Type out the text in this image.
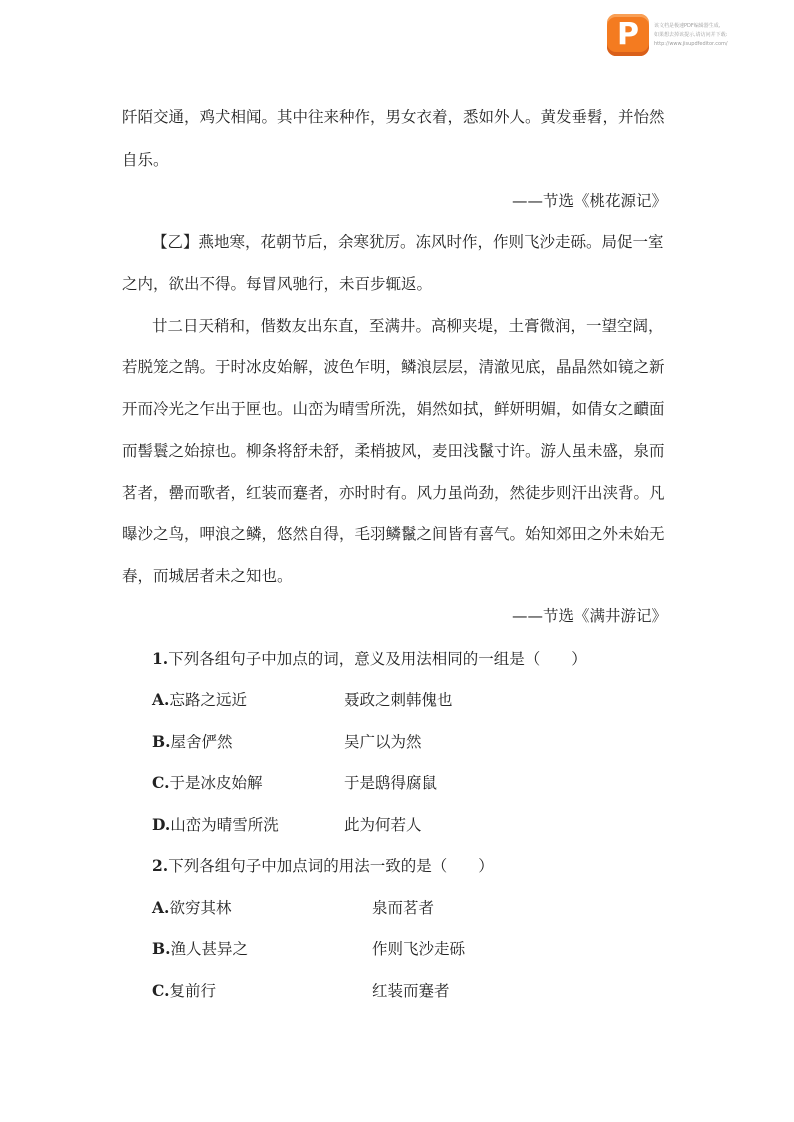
P	该文档是极速PDF编辑器生成,
如果想去掉该提示,请访问并下载:
http://www.jisupdfeditor.com/
阡陌交通，鸡犬相闻。其中往来种作，男女衣着，悉如外人。黄发垂髫，并怡然
自乐。
——节选《桃花源记》
【乙】燕地寒，花朝节后，余寒犹厉。冻风时作，作则飞沙走砾。局促一室
之内，欲出不得。每冒风驰行，未百步辄返。
廿二日天稍和，偕数友出东直，至满井。高柳夹堤，土膏微润，一望空阔，
若脱笼之鹄。于时冰皮始解，波色乍明，鳞浪层层，清澈见底，晶晶然如镜之新
开而冷光之乍出于匣也。山峦为晴雪所洗，娟然如拭，鲜妍明媚，如倩女之靧面
而髻鬟之始掠也。柳条将舒未舒，柔梢披风，麦田浅鬣寸许。游人虽未盛，泉而
茗者，罍而歌者，红装而蹇者，亦时时有。风力虽尚劲，然徒步则汗出浃背。凡
曝沙之鸟，呷浪之鳞，悠然自得，毛羽鳞鬣之间皆有喜气。始知郊田之外未始无
春，而城居者未之知也。
——节选《满井游记》
1.下列各组句子中加点的词，意义及用法相同的一组是（　　）
A.忘路之远近	聂政之刺韩傀也
B.屋舍俨然	吴广以为然
C.于是冰皮始解	于是鸱得腐鼠
D.山峦为晴雪所洗	此为何若人
2.下列各组句子中加点词的用法一致的是（　　）
A.欲穷其林	泉而茗者
B.渔人甚异之	作则飞沙走砾
C.复前行	红装而蹇者
